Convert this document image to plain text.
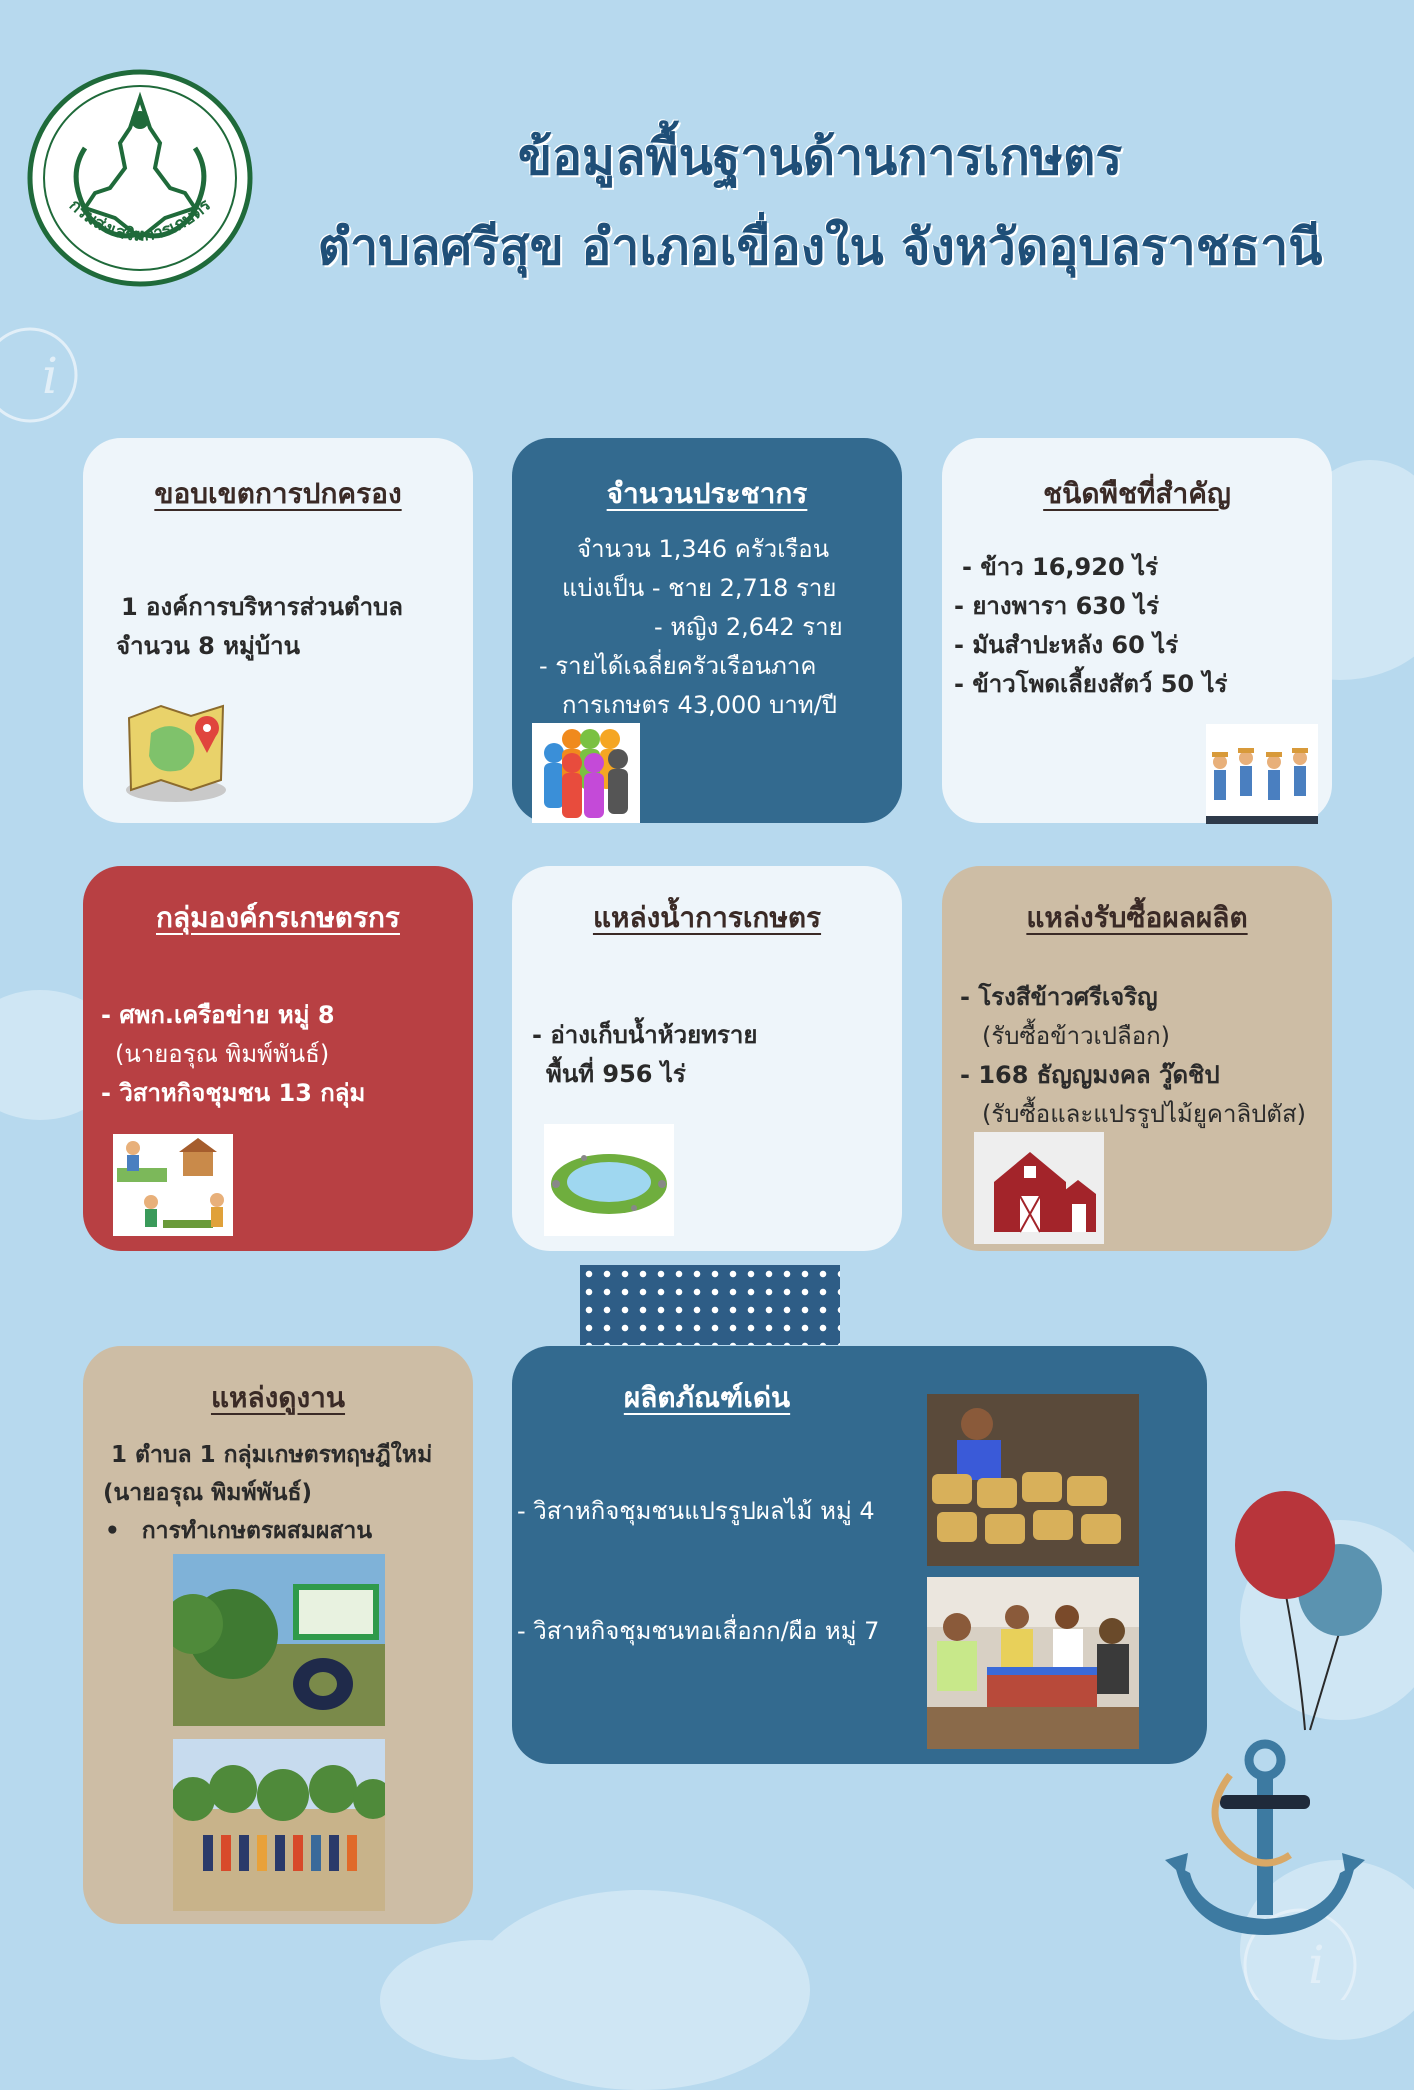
i
i
กรมส่งเสริมการเกษตร
ข้อมูลพื้นฐานด้านการเกษตร
ตำบลศรีสุข อำเภอเขื่องใน จังหวัดอุบลราชธานี
ขอบเขตการปกครอง
1 องค์การบริหารส่วนตำบล
จำนวน 8 หมู่บ้าน
จำนวนประชากร
จำนวน 1,346 ครัวเรือน
แบ่งเป็น - ชาย 2,718 ราย
- หญิง 2,642 ราย
- รายได้เฉลี่ยครัวเรือนภาค
การเกษตร 43,000 บาท/ปี
ชนิดพืชที่สำคัญ
- ข้าว 16,920 ไร่
- ยางพารา 630 ไร่
- มันสำปะหลัง 60 ไร่
- ข้าวโพดเลี้ยงสัตว์ 50 ไร่
กลุ่มองค์กรเกษตรกร
- ศพก.เครือข่าย หมู่ 8
(นายอรุณ พิมพ์พันธ์)
- วิสาหกิจชุมชน 13 กลุ่ม
แหล่งน้ำการเกษตร
- อ่างเก็บน้ำห้วยทราย
พื้นที่ 956 ไร่
แหล่งรับซื้อผลผลิต
- โรงสีข้าวศรีเจริญ
(รับซื้อข้าวเปลือก)
- 168 ธัญญมงคล วู๊ดชิป
(รับซื้อและแปรรูปไม้ยูคาลิปตัส)
แหล่งดูงาน
1 ตำบล 1 กลุ่มเกษตรทฤษฎีใหม่
(นายอรุณ พิมพ์พันธ์)
• การทำเกษตรผสมผสาน
ผลิตภัณฑ์เด่น
- วิสาหกิจชุมชนแปรรูปผลไม้ หมู่ 4
- วิสาหกิจชุมชนทอเสื่อกก/ผือ หมู่ 7
